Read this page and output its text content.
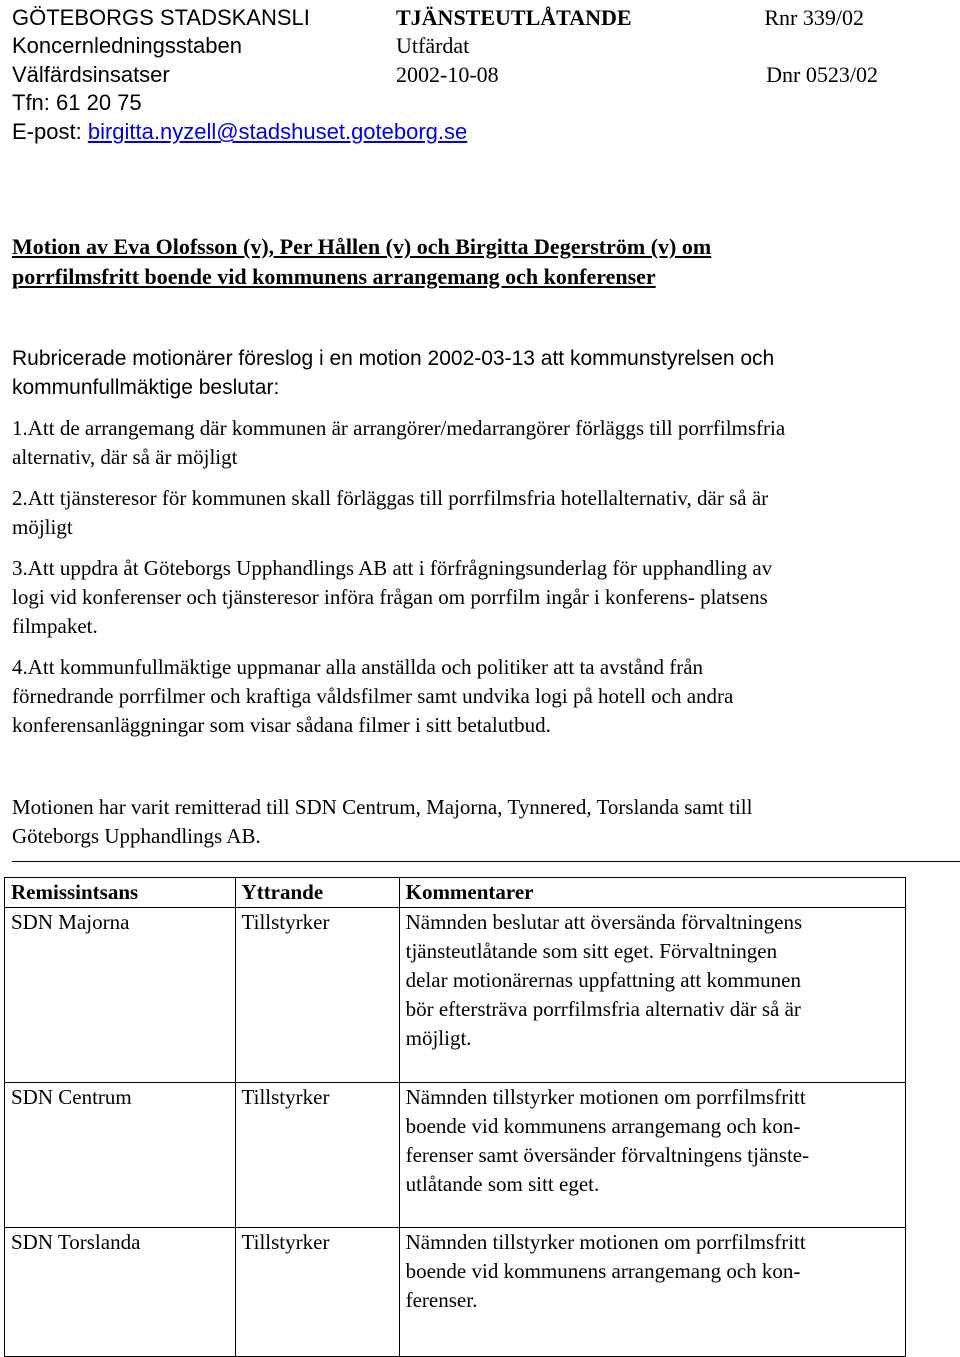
GÖTEBORGS STADSKANSLI
Koncernledningsstaben
Välfärdsinsatser
Tfn: 61 20 75
E-post: birgitta.nyzell@stadshuset.goteborg.se
TJÄNSTEUTLÅTANDE
Utfärdat
2002-10-08
Rnr 339/02
Dnr 0523/02
Motion av Eva Olofsson (v), Per Hållen (v) och Birgitta Degerström (v) om
porrfilmsfritt boende vid kommunens arrangemang och konferenser
Rubricerade motionärer föreslog i en motion 2002-03-13 att kommunstyrelsen och
kommunfullmäktige beslutar:

1.Att de arrangemang där kommunen är arrangörer/medarrangörer förläggs till porrfilmsfria
alternativ, där så är möjligt

2.Att tjänsteresor för kommunen skall förläggas till porrfilmsfria hotellalternativ, där så är
möjligt

3.Att uppdra åt Göteborgs Upphandlings AB att i förfrågningsunderlag för upphandling av
logi vid konferenser och tjänsteresor införa frågan om porrfilm ingår i konferens- platsens
filmpaket.

4.Att kommunfullmäktige uppmanar alla anställda och politiker att ta avstånd från
förnedrande porrfilmer och kraftiga våldsfilmer samt undvika logi på hotell och andra
konferensanläggningar som visar sådana filmer i sitt betalutbud.

Motionen har varit remitterad till SDN Centrum, Majorna, Tynnered, Torslanda samt till
Göteborgs Upphandlings AB.
Remissintsans	Yttrande	Kommentarer
SDN Majorna	Tillstyrker	Nämnden beslutar att översända förvaltningens
tjänsteutlåtande som sitt eget. Förvaltningen
delar motionärernas uppfattning att kommunen
bör eftersträva porrfilmsfria alternativ där så är
möjligt.

SDN Centrum	Tillstyrker	Nämnden tillstyrker motionen om porrfilmsfritt
boende vid kommunens arrangemang och kon-
ferenser samt översänder förvaltningens tjänste-
utlåtande som sitt eget.

SDN Torslanda	Tillstyrker	Nämnden tillstyrker motionen om porrfilmsfritt
boende vid kommunens arrangemang och kon-
ferenser.
